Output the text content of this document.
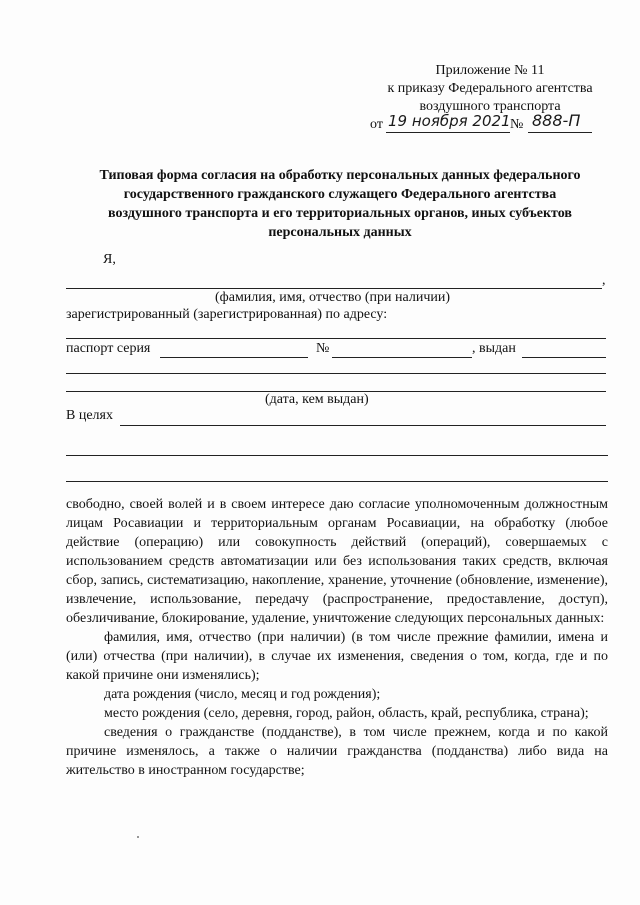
Приложение № 11
к приказу Федерального агентства
воздушного транспорта
от 19 ноября 2021 № 888-П
Типовая форма согласия на обработку персональных данных федерального
государственного гражданского служащего Федерального агентства
воздушного транспорта и его территориальных органов, иных субъектов
персональных данных
Я,
,
(фамилия, имя, отчество (при наличии)
зарегистрированный (зарегистрированная) по адресу:
паспорт серия	№	, выдан
(дата, кем выдан)
В целях

свободно, своей волей и в своем интересе даю согласие уполномоченным должностным лицам Росавиации и территориальным органам Росавиации, на обработку (любое действие (операцию) или совокупность действий (операций), совершаемых с использованием средств автоматизации или без использования таких средств, включая сбор, запись, систематизацию, накопление, хранение, уточнение (обновление, изменение), извлечение, использование, передачу (распространение, предоставление, доступ), обезличивание, блокирование, удаление, уничтожение следующих персональных данных:

фамилия, имя, отчество (при наличии) (в том числе прежние фамилии, имена и (или) отчества (при наличии), в случае их изменения, сведения о том, когда, где и по какой причине они изменялись);

дата рождения (число, месяц и год рождения);

место рождения (село, деревня, город, район, область, край, республика, страна);

сведения о гражданстве (подданстве), в том числе прежнем, когда и по какой причине изменялось, а также о наличии гражданства (подданства) либо вида на жительство в иностранном государстве;
